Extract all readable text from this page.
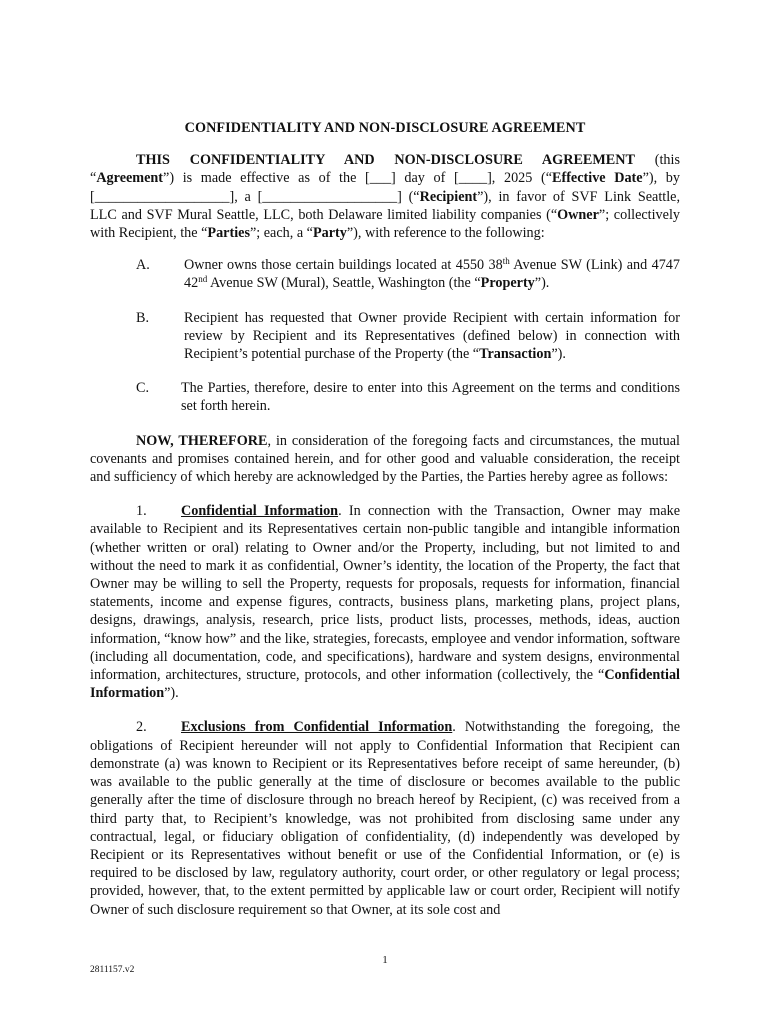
CONFIDENTIALITY AND NON-DISCLOSURE AGREEMENT

THIS CONFIDENTIALITY AND NON-DISCLOSURE AGREEMENT (this “Agreement”) is made effective as of the [___] day of [____], 2025 (“Effective Date”), by [___________________], a [___________________] (“Recipient”), in favor of SVF Link Seattle, LLC and SVF Mural Seattle, LLC, both Delaware limited liability companies (“Owner”; collectively with Recipient, the “Parties”; each, a “Party”), with reference to the following:

A. Owner owns those certain buildings located at 4550 38th Avenue SW (Link) and 4747 42nd Avenue SW (Mural), Seattle, Washington (the “Property”).
B. Recipient has requested that Owner provide Recipient with certain information for review by Recipient and its Representatives (defined below) in connection with Recipient’s potential purchase of the Property (the “Transaction”).
C. The Parties, therefore, desire to enter into this Agreement on the terms and conditions set forth herein.

NOW, THEREFORE, in consideration of the foregoing facts and circumstances, the mutual covenants and promises contained herein, and for other good and valuable consideration, the receipt and sufficiency of which hereby are acknowledged by the Parties, the Parties hereby agree as follows:

1. Confidential Information. In connection with the Transaction, Owner may make available to Recipient and its Representatives certain non-public tangible and intangible information (whether written or oral) relating to Owner and/or the Property, including, but not limited to and without the need to mark it as confidential, Owner’s identity, the location of the Property, the fact that Owner may be willing to sell the Property, requests for proposals, requests for information, financial statements, income and expense figures, contracts, business plans, marketing plans, project plans, designs, drawings, analysis, research, price lists, product lists, processes, methods, ideas, auction information, “know how” and the like, strategies, forecasts, employee and vendor information, software (including all documentation, code, and specifications), hardware and system designs, environmental information, architectures, structure, protocols, and other information (collectively, the “Confidential Information”).

2. Exclusions from Confidential Information. Notwithstanding the foregoing, the obligations of Recipient hereunder will not apply to Confidential Information that Recipient can demonstrate (a) was known to Recipient or its Representatives before receipt of same hereunder, (b) was available to the public generally at the time of disclosure or becomes available to the public generally after the time of disclosure through no breach hereof by Recipient, (c) was received from a third party that, to Recipient’s knowledge, was not prohibited from disclosing same under any contractual, legal, or fiduciary obligation of confidentiality, (d) independently was developed by Recipient or its Representatives without benefit or use of the Confidential Information, or (e) is required to be disclosed by law, regulatory authority, court order, or other regulatory or legal process; provided, however, that, to the extent permitted by applicable law or court order, Recipient will notify Owner of such disclosure requirement so that Owner, at its sole cost and

1
2811157.v2
